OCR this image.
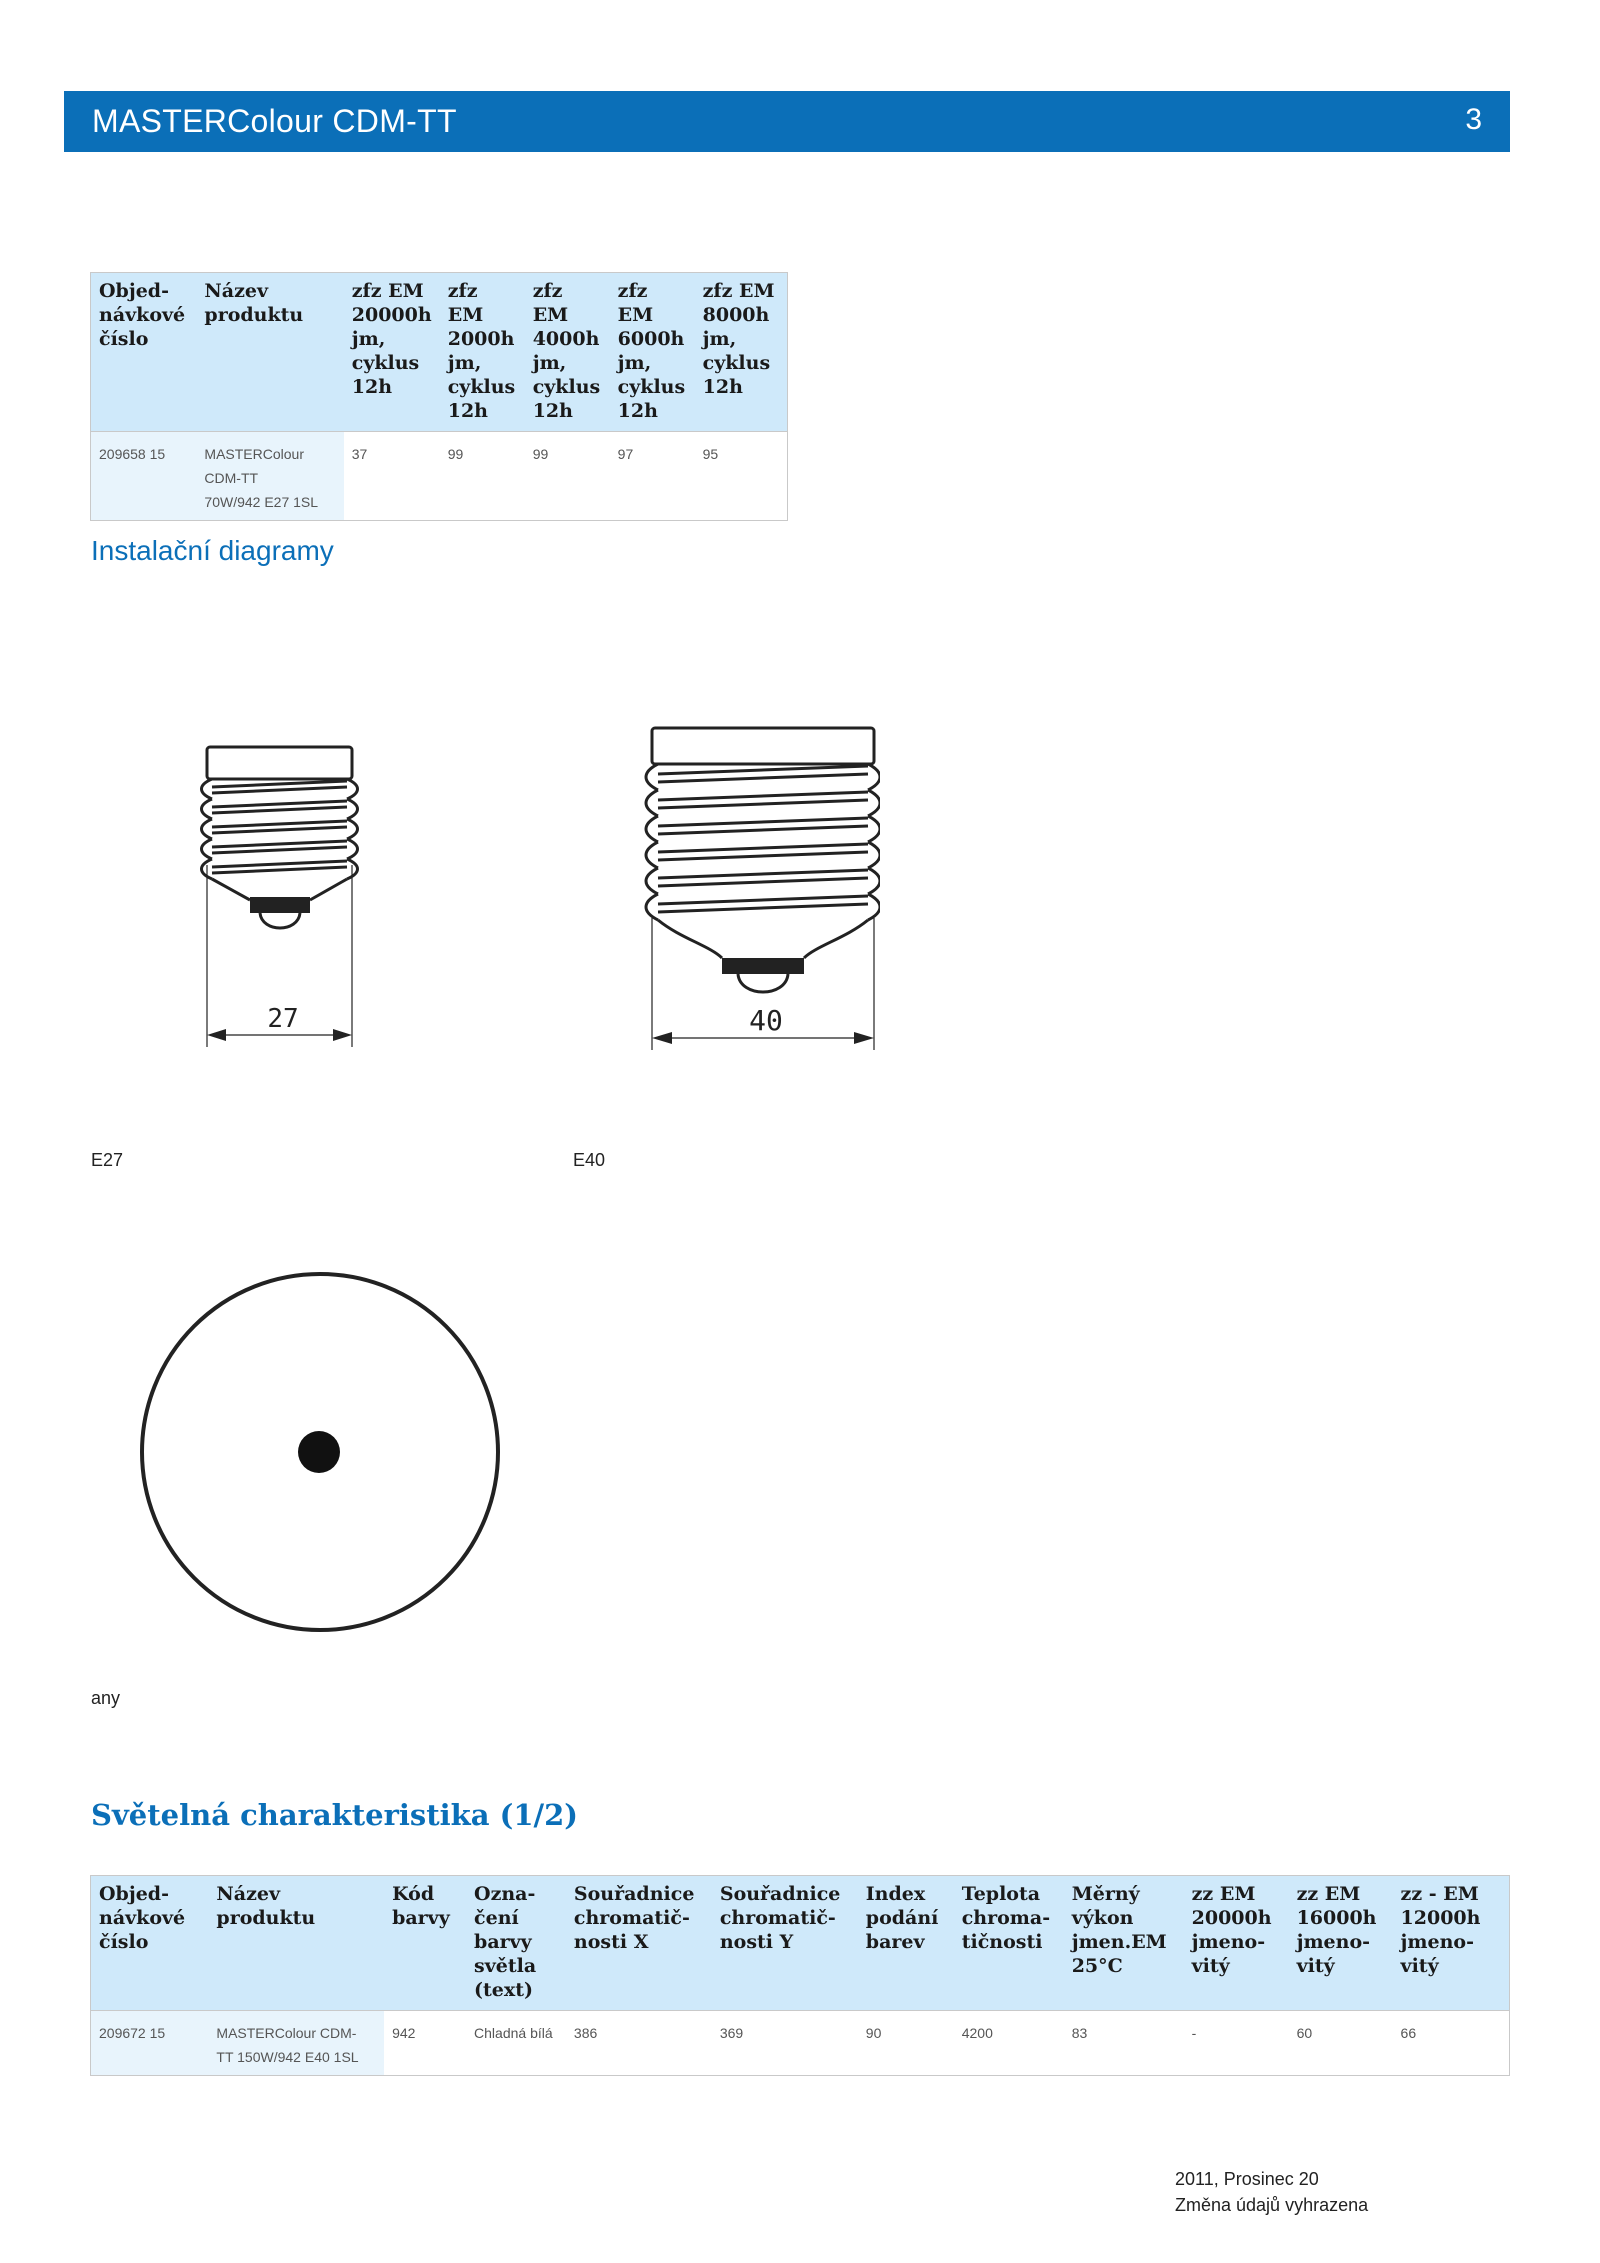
MASTERColour CDM-TT	3
Objed-
návkové
číslo	Název
produktu	zfz EM
20000h
jm,
cyklus
12h	zfz EM
2000h
jm,
cyklus
12h	zfz EM
4000h
jm,
cyklus
12h	zfz EM
6000h
jm,
cyklus
12h	zfz EM
8000h
jm,
cyklus
12h
209658 15	MASTERColour
CDM-TT
70W/942 E27 1SL	37	99	99	97	95
Instalační diagramy
27	40
E27	E40
any
Světelná charakteristika (1/2)
Objed-
návkové
číslo	Název
produktu	Kód
barvy	Ozna-
čení
barvy
světla
(text)	Souřadnice
chromatič-
nosti X	Souřadnice
chromatič-
nosti Y	Index
podání
barev	Teplota
chroma-
tičnosti	Měrný
výkon
jmen.EM
25°C	zz EM
20000h
jmeno-
vitý	zz EM
16000h
jmeno-
vitý	zz - EM
12000h
jmeno-
vitý
209672 15	MASTERColour CDM-
TT 150W/942 E40 1SL	942	Chladná bílá	386	369	90	4200	83	-	60	66
2011, Prosinec 20
Změna údajů vyhrazena
